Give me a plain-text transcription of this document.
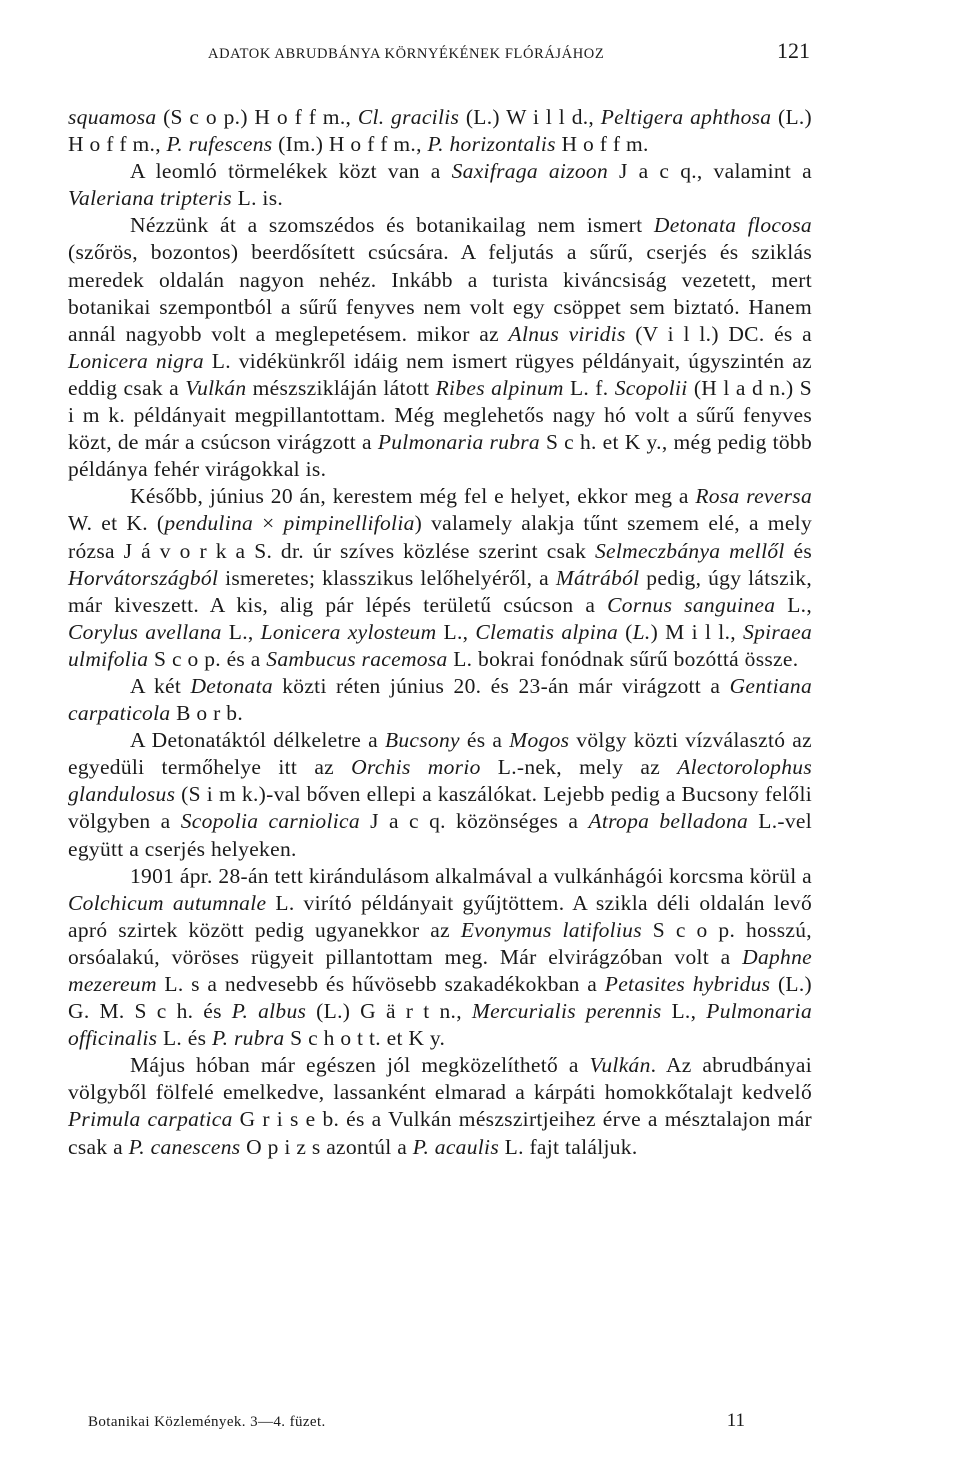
ADATOK ABRUDBÁNYA KÖRNYÉKÉNEK FLÓRÁJÁHOZ	121

squamosa (S c o p.) H o f f m., Cl. gracilis (L.) W i l l d., Peltigera aphthosa (L.) H o f f m., P. rufescens (Im.) H o f f m., P. horizontalis H o f f m.

A leomló törmelékek közt van a Saxifraga aizoon J a c q., valamint a Valeriana tripteris L. is.

Nézzünk át a szomszédos és botanikailag nem ismert Detonata flocosa (szőrös, bozontos) beerdősített csúcsára. A feljutás a sűrű, cserjés és sziklás meredek oldalán nagyon nehéz. Inkább a turista kiváncsiság vezetett, mert botanikai szempontból a sűrű fenyves nem volt egy csöppet sem biztató. Hanem annál nagyobb volt a meglepetésem. mikor az Alnus viridis (V i l l.) DC. és a Lonicera nigra L. vidékünkről idáig nem ismert rügyes példányait, úgyszintén az eddig csak a Vulkán mészszikláján látott Ribes alpinum L. f. Scopolii (H l a d n.) S i m k. példányait megpillantottam. Még meglehetős nagy hó volt a sűrű fenyves közt, de már a csúcson virágzott a Pulmonaria rubra S c h. et K y., még pedig több példánya fehér virágokkal is.

Később, június 20 án, kerestem még fel e helyet, ekkor meg a Rosa reversa W. et K. (pendulina × pimpinellifolia) valamely alakja tűnt szemem elé, a mely rózsa J á v o r k a S. dr. úr szíves közlése szerint csak Selmeczbánya mellől és Horvátországból ismeretes; klasszikus lelőhelyéről, a Mátrából pedig, úgy látszik, már kiveszett. A kis, alig pár lépés területű csúcson a Cornus sanguinea L., Corylus avellana L., Lonicera xylosteum L., Clematis alpina (L.) M i l l., Spiraea ulmifolia S c o p. és a Sambucus racemosa L. bokrai fonódnak sűrű bozóttá össze.

A két Detonata közti réten június 20. és 23-án már virágzott a Gentiana carpaticola B o r b.

A Detonatáktól délkeletre a Bucsony és a Mogos völgy közti vízválasztó az egyedüli termőhelye itt az Orchis morio L.-nek, mely az Alectorolophus glandulosus (S i m k.)-val bőven ellepi a kaszálókat. Lejebb pedig a Bucsony felőli völgyben a Scopolia carniolica J a c q. közönséges a Atropa belladona L.-vel együtt a cserjés helyeken.

1901 ápr. 28-án tett kirándulásom alkalmával a vulkánhágói korcsma körül a Colchicum autumnale L. virító példányait gyűjtöttem. A szikla déli oldalán levő apró szirtek között pedig ugyanekkor az Evonymus latifolius S c o p. hosszú, orsóalakú, vöröses rügyeit pillantottam meg. Már elvirágzóban volt a Daphne mezereum L. s a nedvesebb és hűvösebb szakadékokban a Petasites hybridus (L.) G. M. S c h. és P. albus (L.) G ä r t n., Mercurialis perennis L., Pulmonaria officinalis L. és P. rubra S c h o t t. et K y.

Május hóban már egészen jól megközelíthető a Vulkán. Az abrudbányai völgyből fölfelé emelkedve, lassanként elmarad a kárpáti homokkőtalajt kedvelő Primula carpatica G r i s e b. és a Vulkán mészszirtjeihez érve a mésztalajon már csak a P. canescens O p i z s azontúl a P. acaulis L. fajt találjuk.

Botanikai Közlemények. 3—4. füzet.	11
